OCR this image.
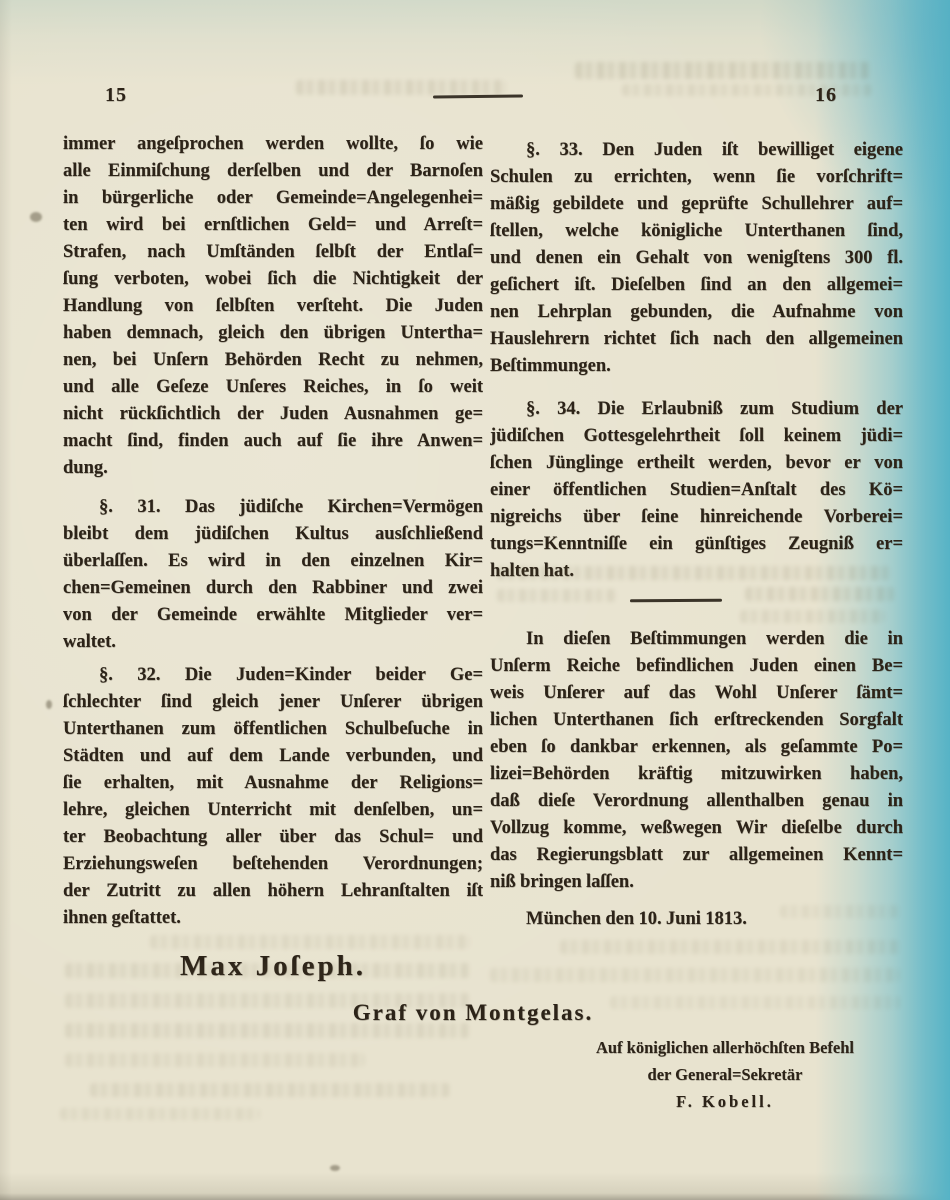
15	16
immer angeſprochen werden wollte, ſo wie
alle Einmiſchung derſelben und der Barnoſen
in bürgerliche oder Gemeinde=Angelegenhei=
ten wird bei ernſtlichen Geld= und Arreſt=
Strafen, nach Umſtänden ſelbſt der Entlaſ=
ſung verboten, wobei ſich die Nichtigkeit der
Handlung von ſelbſten verſteht. Die Juden
haben demnach, gleich den übrigen Untertha=
nen, bei Unſern Behörden Recht zu nehmen,
und alle Geſeze Unſeres Reiches, in ſo weit
nicht rückſichtlich der Juden Ausnahmen ge=
macht ſind, finden auch auf ſie ihre Anwen=
dung.
§. 31. Das jüdiſche Kirchen=Vermögen
bleibt dem jüdiſchen Kultus ausſchließend
überlaſſen. Es wird in den einzelnen Kir=
chen=Gemeinen durch den Rabbiner und zwei
von der Gemeinde erwählte Mitglieder ver=
waltet.
§. 32. Die Juden=Kinder beider Ge=
ſchlechter ſind gleich jener Unſerer übrigen
Unterthanen zum öffentlichen Schulbeſuche in
Städten und auf dem Lande verbunden, und
ſie erhalten, mit Ausnahme der Religions=
lehre, gleichen Unterricht mit denſelben, un=
ter Beobachtung aller über das Schul= und
Erziehungsweſen beſtehenden Verordnungen;
der Zutritt zu allen höhern Lehranſtalten iſt
ihnen geſtattet.
§. 33. Den Juden iſt bewilliget eigene
Schulen zu errichten, wenn ſie vorſchrift=
mäßig gebildete und geprüfte Schullehrer auf=
ſtellen, welche königliche Unterthanen ſind,
und denen ein Gehalt von wenigſtens 300 fl.
geſichert iſt. Dieſelben ſind an den allgemei=
nen Lehrplan gebunden, die Aufnahme von
Hauslehrern richtet ſich nach den allgemeinen
Beſtimmungen.
§. 34. Die Erlaubniß zum Studium der
jüdiſchen Gottesgelehrtheit ſoll keinem jüdi=
ſchen Jünglinge ertheilt werden, bevor er von
einer öffentlichen Studien=Anſtalt des Kö=
nigreichs über ſeine hinreichende Vorberei=
tungs=Kenntniſſe ein günſtiges Zeugniß er=
halten hat.
In dieſen Beſtimmungen werden die in
Unſerm Reiche befindlichen Juden einen Be=
weis Unſerer auf das Wohl Unſerer ſämt=
lichen Unterthanen ſich erſtreckenden Sorgfalt
eben ſo dankbar erkennen, als geſammte Po=
lizei=Behörden kräftig mitzuwirken haben,
daß dieſe Verordnung allenthalben genau in
Vollzug komme, weßwegen Wir dieſelbe durch
das Regierungsblatt zur allgemeinen Kennt=
niß bringen laſſen.
München den 10. Juni 1813.
Max Joſeph.
Graf von Montgelas.
Auf königlichen allerhöchſten Befehl
der General=Sekretär
F. Kobell.
